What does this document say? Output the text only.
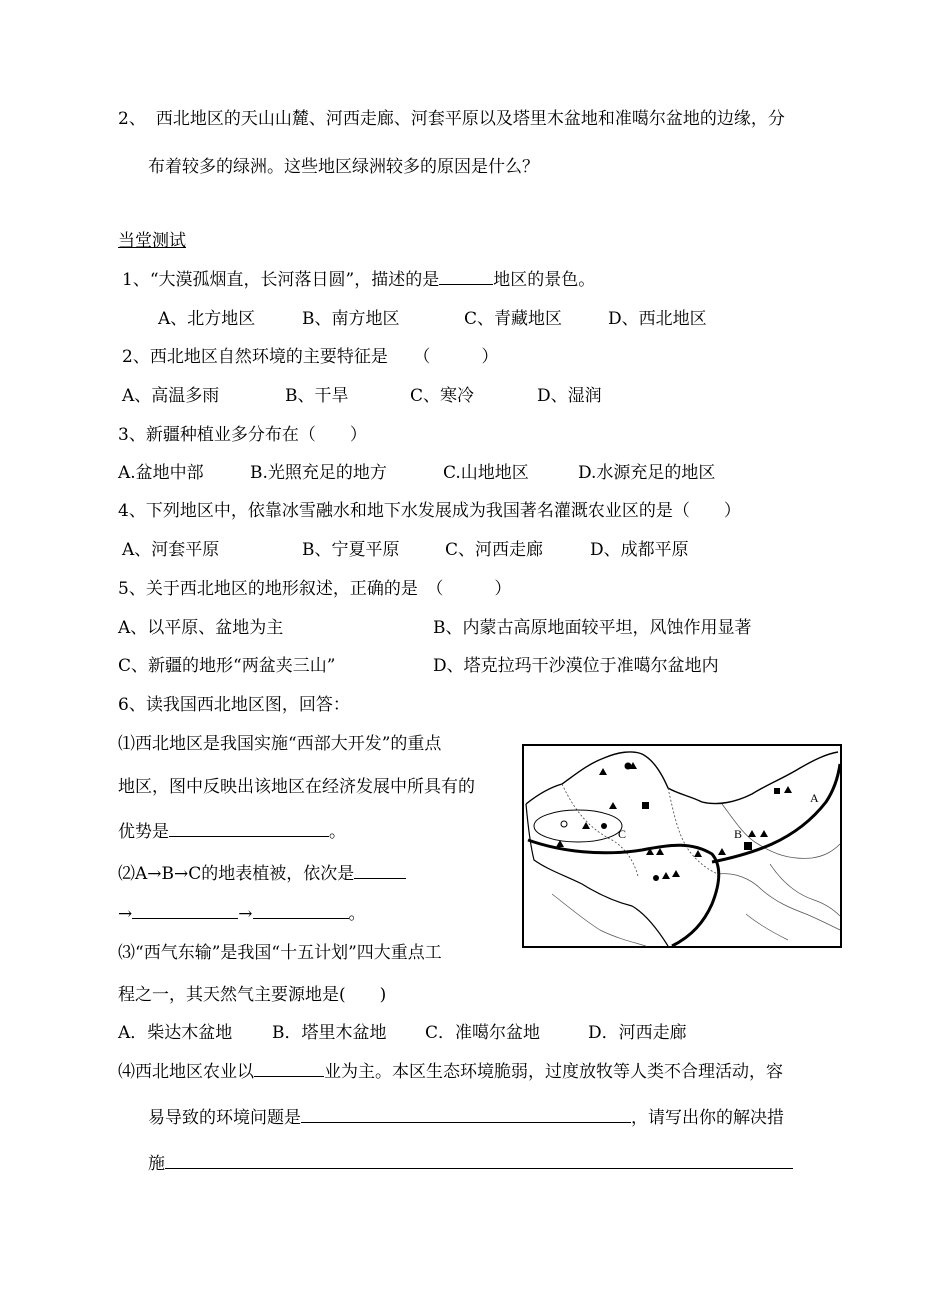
2、 西北地区的天山山麓、河西走廊、河套平原以及塔里木盆地和准噶尔盆地的边缘，分
布着较多的绿洲。这些地区绿洲较多的原因是什么？
当堂测试
1、“大漠孤烟直，长河落日圆”，描述的是	地区的景色。
A、北方地区	B、南方地区	C、青藏地区	D、西北地区
2、西北地区自然环境的主要特征是　　（　　　）
A、高温多雨	B、干旱	C、寒冷	D、湿润
3、新疆种植业多分布在（　　）
A.盆地中部	B.光照充足的地方	C.山地地区	D.水源充足的地区
4、下列地区中，依靠冰雪融水和地下水发展成为我国著名灌溉农业区的是（　　）
A、河套平原	B、宁夏平原	C、河西走廊	D、成都平原
5、关于西北地区的地形叙述，正确的是　（　　　）
A、以平原、盆地为主	B、内蒙古高原地面较平坦，风蚀作用显著
C、新疆的地形“两盆夹三山”	D、塔克拉玛干沙漠位于准噶尔盆地内
6、读我国西北地区图，回答：
⑴西北地区是我国实施“西部大开发”的重点
地区，图中反映出该地区在经济发展中所具有的
优势是	。
⑵A→B→C的地表植被，依次是
→	→	。
⑶“西气东输”是我国“十五计划”四大重点工
程之一，其天然气主要源地是(　　)
A．柴达木盆地 B．塔里木盆地 C．准噶尔盆地	D．河西走廊
⑷西北地区农业以	业为主。本区生态环境脆弱，过度放牧等人类不合理活动，容
易导致的环境问题是	，请写出你的解决措
施
A
B
C
